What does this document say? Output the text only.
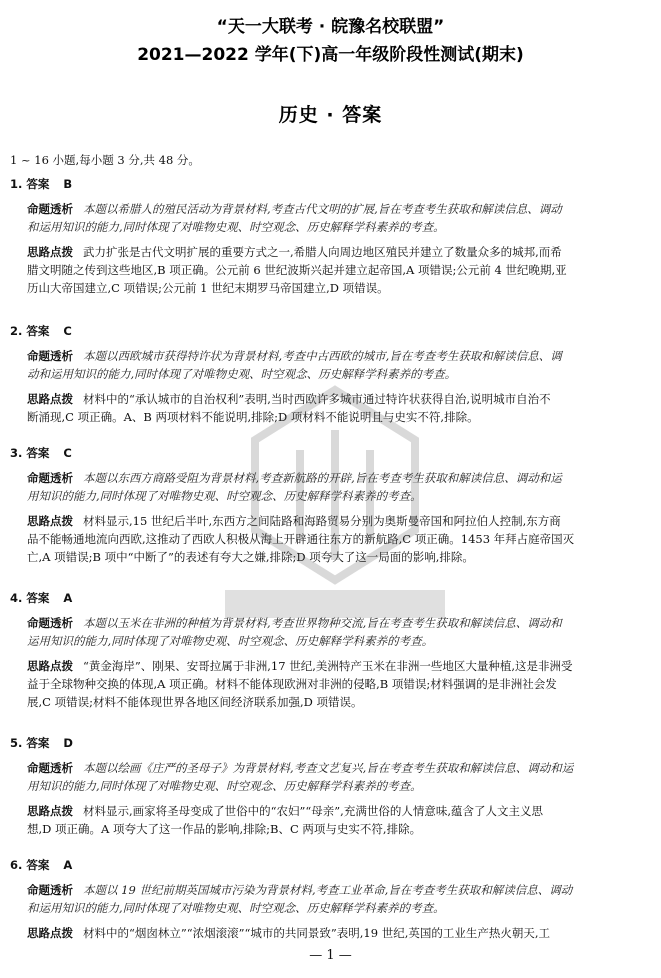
“天一大联考 · 皖豫名校联盟”
2021—2022 学年(下)高一年级阶段性测试(期末)
历史 · 答案
1 ~ 16 小题,每小题 3 分,共 48 分。
1. 答案 B
命题透析 本题以希腊人的殖民活动为背景材料,考查古代文明的扩展,旨在考查考生获取和解读信息、调动
和运用知识的能力,同时体现了对唯物史观、时空观念、历史解释学科素养的考查。
思路点拨 武力扩张是古代文明扩展的重要方式之一,希腊人向周边地区殖民并建立了数量众多的城邦,而希
腊文明随之传到这些地区,B 项正确。公元前 6 世纪波斯兴起并建立起帝国,A 项错误;公元前 4 世纪晚期,亚
历山大帝国建立,C 项错误;公元前 1 世纪末期罗马帝国建立,D 项错误。
2. 答案 C
命题透析 本题以西欧城市获得特许状为背景材料,考查中古西欧的城市,旨在考查考生获取和解读信息、调
动和运用知识的能力,同时体现了对唯物史观、时空观念、历史解释学科素养的考查。
思路点拨 材料中的“承认城市的自治权利”表明,当时西欧许多城市通过特许状获得自治,说明城市自治不
断涌现,C 项正确。A、B 两项材料不能说明,排除;D 项材料不能说明且与史实不符,排除。
3. 答案 C
命题透析 本题以东西方商路受阻为背景材料,考查新航路的开辟,旨在考查考生获取和解读信息、调动和运
用知识的能力,同时体现了对唯物史观、时空观念、历史解释学科素养的考查。
思路点拨 材料显示,15 世纪后半叶,东西方之间陆路和海路贸易分别为奥斯曼帝国和阿拉伯人控制,东方商
品不能畅通地流向西欧,这推动了西欧人积极从海上开辟通往东方的新航路,C 项正确。1453 年拜占庭帝国灭
亡,A 项错误;B 项中“中断了”的表述有夸大之嫌,排除;D 项夸大了这一局面的影响,排除。
4. 答案 A
命题透析 本题以玉米在非洲的种植为背景材料,考查世界物种交流,旨在考查考生获取和解读信息、调动和
运用知识的能力,同时体现了对唯物史观、时空观念、历史解释学科素养的考查。
思路点拨 “黄金海岸”、刚果、安哥拉属于非洲,17 世纪,美洲特产玉米在非洲一些地区大量种植,这是非洲受
益于全球物种交换的体现,A 项正确。材料不能体现欧洲对非洲的侵略,B 项错误;材料强调的是非洲社会发
展,C 项错误;材料不能体现世界各地区间经济联系加强,D 项错误。
5. 答案 D
命题透析 本题以绘画《庄严的圣母子》为背景材料,考查文艺复兴,旨在考查考生获取和解读信息、调动和运
用知识的能力,同时体现了对唯物史观、时空观念、历史解释学科素养的考查。
思路点拨 材料显示,画家将圣母变成了世俗中的“农妇”“母亲”,充满世俗的人情意味,蕴含了人文主义思
想,D 项正确。A 项夸大了这一作品的影响,排除;B、C 两项与史实不符,排除。
6. 答案 A
命题透析 本题以 19 世纪前期英国城市污染为背景材料,考查工业革命,旨在考查考生获取和解读信息、调动
和运用知识的能力,同时体现了对唯物史观、时空观念、历史解释学科素养的考查。
思路点拨 材料中的“烟囱林立”“浓烟滚滚”“城市的共同景致”表明,19 世纪,英国的工业生产热火朝天,工
— 1 —
